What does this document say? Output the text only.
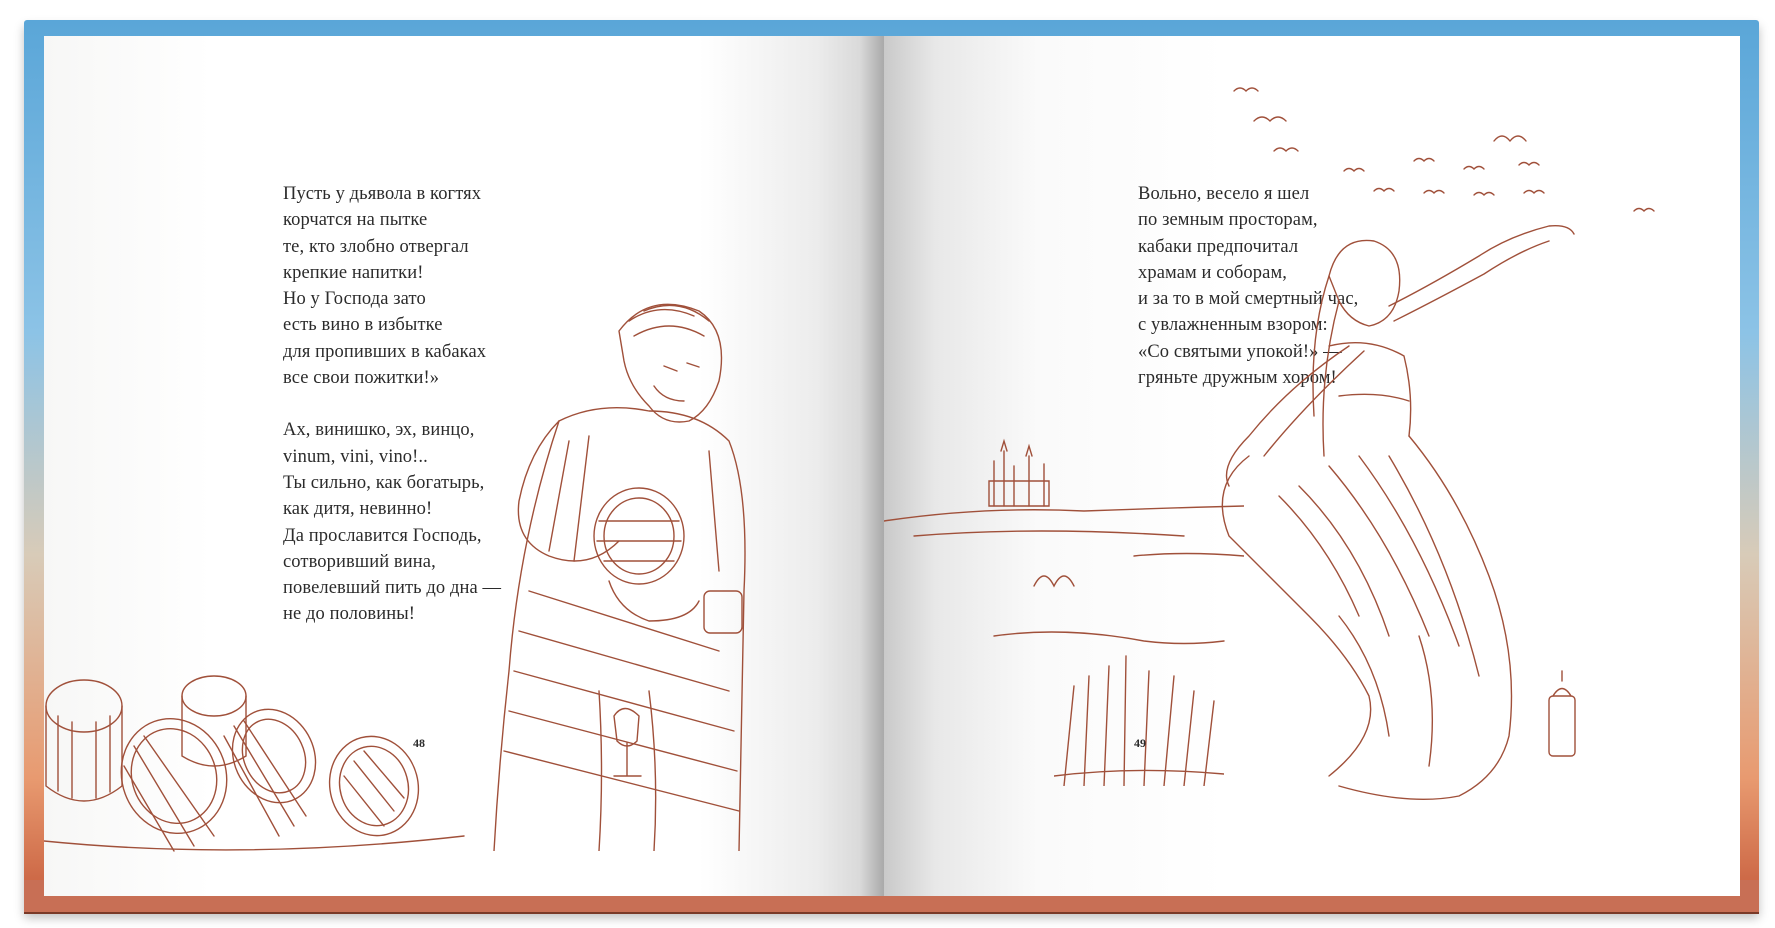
Пусть у дьявола в когтях
корчатся на пытке
те, кто злобно отвергал
крепкие напитки!
Но у Господа зато
есть вино в избытке
для пропивших в кабаках
все свои пожитки!»
Ах, винишко, эх, винцо,
vinum, vini, vino!..
Ты сильно, как богатырь,
как дитя, невинно!
Да прославится Господь,
сотворивший вина,
повелевший пить до дна —
не до половины!
48
Вольно, весело я шел
по земным просторам,
кабаки предпочитал
храмам и соборам,
и за то в мой смертный час,
с увлажненным взором:
«Со святыми упокой!» —
гряньте дружным хором!
49
